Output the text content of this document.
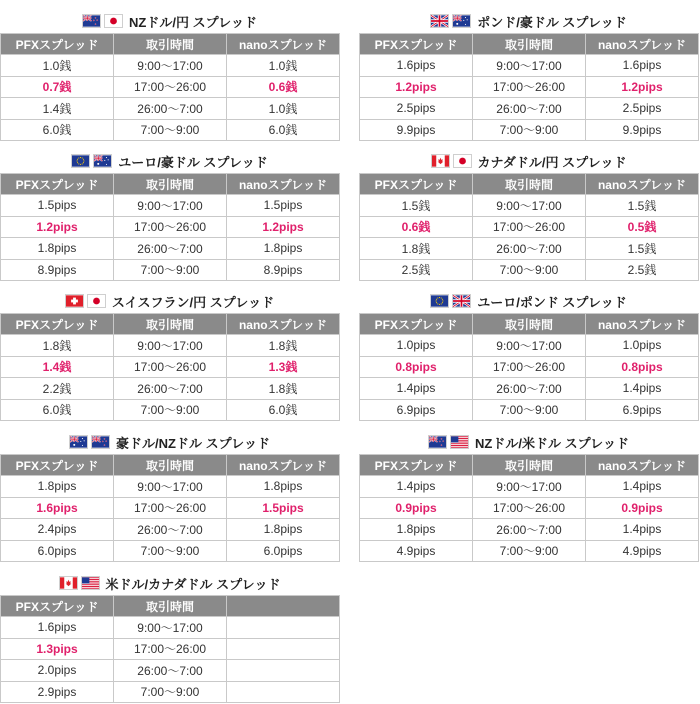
NZドル/円 スプレッド
PFXスプレッド	取引時間	nanoスプレッド
1.0銭	9:00〜17:00	1.0銭
0.7銭	17:00〜26:00	0.6銭
1.4銭	26:00〜7:00	1.0銭
6.0銭	7:00〜9:00	6.0銭
ポンド/豪ドル スプレッド
PFXスプレッド	取引時間	nanoスプレッド
1.6pips	9:00〜17:00	1.6pips
1.2pips	17:00〜26:00	1.2pips
2.5pips	26:00〜7:00	2.5pips
9.9pips	7:00〜9:00	9.9pips
ユーロ/豪ドル スプレッド
PFXスプレッド	取引時間	nanoスプレッド
1.5pips	9:00〜17:00	1.5pips
1.2pips	17:00〜26:00	1.2pips
1.8pips	26:00〜7:00	1.8pips
8.9pips	7:00〜9:00	8.9pips
カナダドル/円 スプレッド
PFXスプレッド	取引時間	nanoスプレッド
1.5銭	9:00〜17:00	1.5銭
0.6銭	17:00〜26:00	0.5銭
1.8銭	26:00〜7:00	1.5銭
2.5銭	7:00〜9:00	2.5銭
スイスフラン/円 スプレッド
PFXスプレッド	取引時間	nanoスプレッド
1.8銭	9:00〜17:00	1.8銭
1.4銭	17:00〜26:00	1.3銭
2.2銭	26:00〜7:00	1.8銭
6.0銭	7:00〜9:00	6.0銭
ユーロ/ポンド スプレッド
PFXスプレッド	取引時間	nanoスプレッド
1.0pips	9:00〜17:00	1.0pips
0.8pips	17:00〜26:00	0.8pips
1.4pips	26:00〜7:00	1.4pips
6.9pips	7:00〜9:00	6.9pips
豪ドル/NZドル スプレッド
PFXスプレッド	取引時間	nanoスプレッド
1.8pips	9:00〜17:00	1.8pips
1.6pips	17:00〜26:00	1.5pips
2.4pips	26:00〜7:00	1.8pips
6.0pips	7:00〜9:00	6.0pips
NZドル/米ドル スプレッド
PFXスプレッド	取引時間	nanoスプレッド
1.4pips	9:00〜17:00	1.4pips
0.9pips	17:00〜26:00	0.9pips
1.8pips	26:00〜7:00	1.4pips
4.9pips	7:00〜9:00	4.9pips
米ドル/カナダドル スプレッド
PFXスプレッド	取引時間	
1.6pips	9:00〜17:00	
1.3pips	17:00〜26:00	
2.0pips	26:00〜7:00	
2.9pips	7:00〜9:00	
